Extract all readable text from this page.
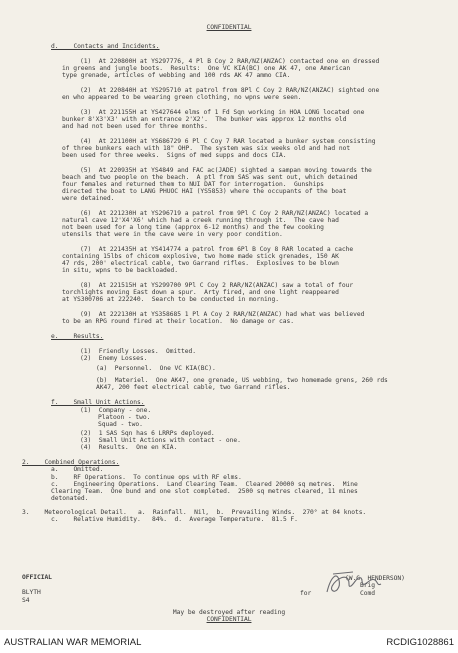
CONFIDENTIAL
d.    Contacts and Incidents.
(1)  At 220800H at YS297776, 4 Pl B Coy 2 RAR/NZ(ANZAC) contacted one en dressed
in greens and jungle boots.  Results:  One VC KIA(BC) one AK 47, one American
type grenade, articles of webbing and 100 rds AK 47 ammo CIA.
(2)  At 220840H at YS295710 at patrol from 8Pl C Coy 2 RAR/NZ(ANZAC) sighted one
en who appeared to be wearing green clothing, no wpns were seen.
(3)  At 221155H at YS427644 elms of 1 Fd Sqn working in HOA LONG located one
bunker 8'X3'X3' with an entrance 2'X2'.  The bunker was approx 12 months old
and had not been used for three months.
(4)  At 221100H at YS686729 6 Pl C Coy 7 RAR located a bunker system consisting
of three bunkers each with 18" OHP.  The system was six weeks old and had not
been used for three weeks.  Signs of med supps and docs CIA.
(5)  At 220935H at YS4849 and FAC ac(JADE) sighted a sampan moving towards the
beach and two people on the beach.  A ptl from SAS was sent out, which detained
four females and returned them to NUI DAT for interrogation.  Gunships
directed the boat to LANG PHUOC HAI (YS5853) where the occupants of the boat
were detained.
(6)  At 221230H at YS296719 a patrol from 9Pl C Coy 2 RAR/NZ(ANZAC) located a
natural cave 12'X4'X6' which had a creek running through it.  The cave had
not been used for a long time (approx 6-12 months) and the few cooking
utensils that were in the cave were in very poor condition.
(7)  At 221435H at YS414774 a patrol from 6Pl B Coy 8 RAR located a cache
containing 15lbs of chicom explosive, two home made stick grenades, 150 AK
47 rds, 200' electrical cable, two Garrand rifles.  Explosives to be blown
in situ, wpns to be backloaded.
(8)  At 221515H at YS299700 9Pl C Coy 2 RAR/NZ(ANZAC) saw a total of four
torchlights moving East down a spur.  Arty fired, and one light reappeared
at YS300706 at 222240.  Search to be conducted in morning.
(9)  At 222130H at YS358685 1 Pl A Coy 2 RAR/NZ(ANZAC) had what was believed
to be an RPG round fired at their location.  No damage or cas.
e.    Results.
(1)  Friendly Losses.  Omitted.
(2)  Enemy Losses.
(a)  Personnel.  One VC KIA(BC).
(b)  Materiel.  One AK47, one grenade, US webbing, two homemade grens, 260 rds
AK47, 200 feet electrical cable, two Garrand rifles.
f.    Small Unit Actions.
(1)  Company - one.
Platoon - two.
Squad - two.
(2)  1 SAS Sqn has 6 LRRPs deployed.
(3)  Small Unit Actions with contact - one.
(4)  Results.  One en KIA.
2.    Combined Operations.
a.    Omitted.
b.    RF Operations.  To continue ops with RF elms.
c.    Engineering Operations.  Land Clearing Team.  Cleared 20000 sq metres.  Mine
Clearing Team.  One bund and one slot completed.  2500 sq metres cleared, 11 mines
detonated.
3.    Meteorological Detail.   a.  Rainfall.  Nil,  b.  Prevailing Winds.  270° at 04 knots.
c.    Relative Humidity.   84%.  d.  Average Temperature.  81.5 F.
OFFICIAL	(W.G. HENDERSON)
Brig
BLYTH	for	Comd
S4
May be destroyed after reading
CONFIDENTIAL
AUSTRALIAN WAR MEMORIAL	RCDIG1028861
